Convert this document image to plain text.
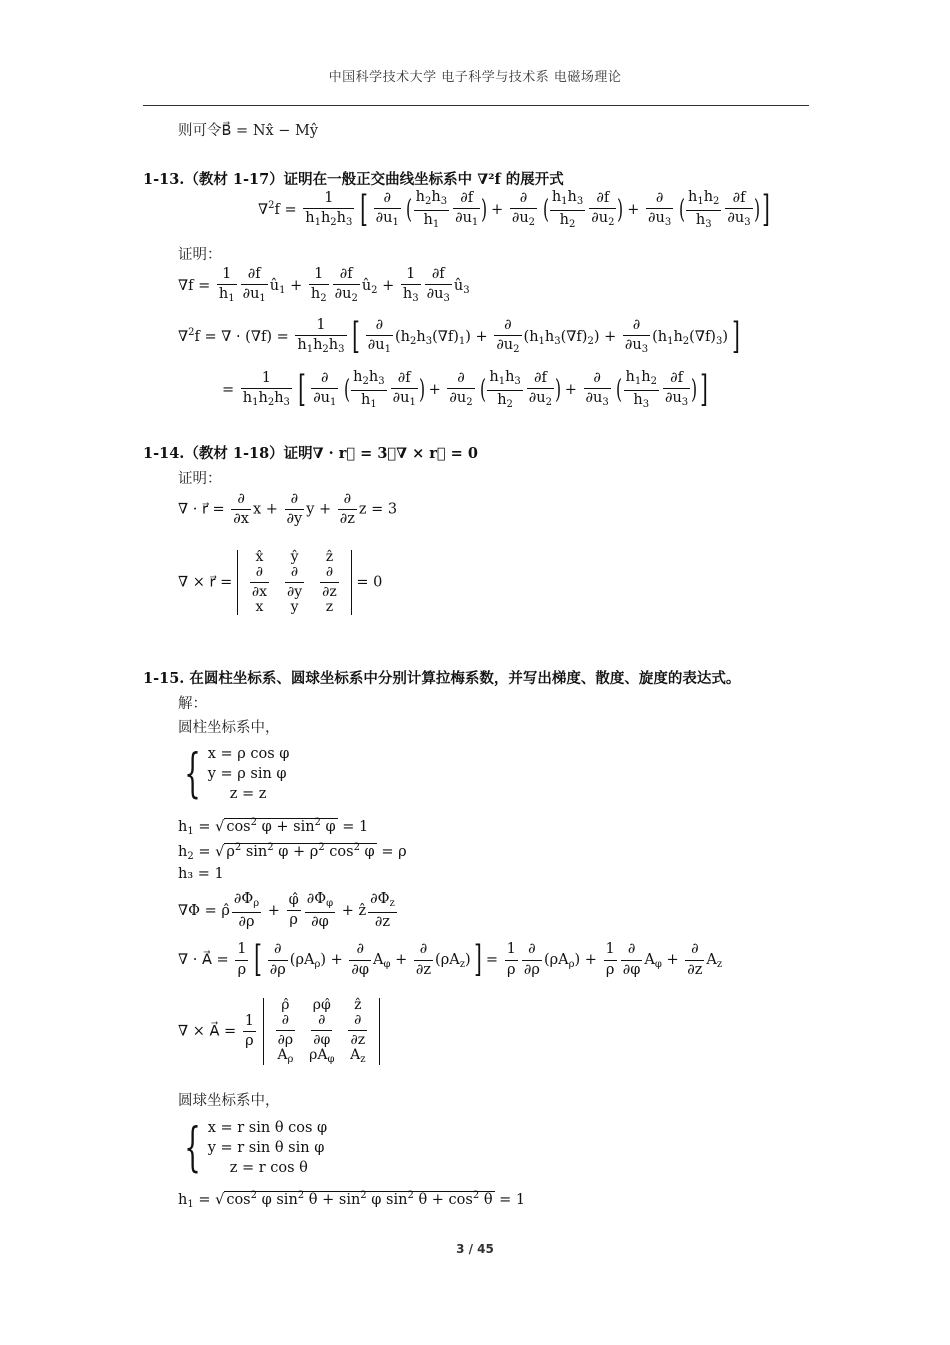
中国科学技术大学 电子科学与技术系 电磁场理论
则可令B⃗ = Nx̂ − Mŷ
1-13.（教材 1-17）证明在一般正交曲线坐标系中 ∇²f 的展开式
$\nabla^2f = \frac{1}{h_1h_2h_3}$ [ $\frac{\partial}{\partial u_1}$ ( $\frac{h_2h_3}{h_1} \frac{\partial f}{\partial u_1}$ ) + $\frac{\partial}{\partial u_2}$ ( $\frac{h_1h_3}{h_2} \frac{\partial f}{\partial u_2}$ ) + $\frac{\partial}{\partial u_3}$ ( $\frac{h_1h_2}{h_3} \frac{\partial f}{\partial u_3}$ ) ]
证明：
$\nabla f = \frac{1}{h_1} \frac{\partial f}{\partial u_1}$ $û_1 + \frac{1}{h_2} \frac{\partial f}{\partial u_2}$ $û_2 + \frac{1}{h_3} \frac{\partial f}{\partial u_3}$ $û_3$
∇$^2$f = ∇ · $(\nabla f) = \frac{1}{h_1h_2h_3}$ [ $\frac{\partial}{\partial u_1} (h_2h_3(\nabla f)_1) + \frac{\partial}{\partial u_2} (h_1h_3(\nabla f)_2) + \frac{\partial}{\partial u_3} (h_1h_2(\nabla f)_3)$ ]
= $\frac{1}{h_1h_2h_3}$ [ $\frac{\partial}{\partial u_1}$ ( $\frac{h_2h_3}{h_1} \frac{\partial f}{\partial u_1}$ ) + $\frac{\partial}{\partial u_2}$ ( $\frac{h_1h_3}{h_2} \frac{\partial f}{\partial u_2}$ ) + $\frac{\partial}{\partial u_3}$ ( $\frac{h_1h_2}{h_3} \frac{\partial f}{\partial u_3}$ ) ]
1-14.（教材 1-18）证明∇ · r⃗ = 3，∇ × r⃗ = 0
证明：
∇ · r⃗ = $\frac{\partial}{\partial x}$ $x + \frac{\partial}{\partial y}$ $y + \frac{\partial}{\partial z}$ z = 3
∇ × r⃗ =
x̂	ŷ	ẑ

$\frac{\partial}{\partial x}$	$\frac{\partial}{\partial y}$	$\frac{\partial}{\partial z}$

x	y	z
= 0
1-15. 在圆柱坐标系、圆球坐标系中分别计算拉梅系数，并写出梯度、散度、旋度的表达式。
解：
圆柱坐标系中，
{ x = ρ cos φ
y = ρ sin φ
z = z
$h_1$ = √ $\cos^2 \varphi + \sin^2 \varphi = 1$
$h_2$ = √ $\rho^2$ $\sin^2 \varphi + \rho^2$ $\cos^2 \varphi = \rho$
h₃ = 1
∇Φ = ρ̂ $\frac{\partial\Phi_\rho}{\partial\rho} + \frac{\varphî}{\rho} \frac{\partial\Phi_\varphi}{\partial\varphi}$ + ẑ $\frac{\partial\Phi_z}{\partial z}$
∇ · A⃗ = $\frac{1}{\rho}$ [ $\frac{\partial}{\partial\rho} (\rho A_\rho) + \frac{\partial}{\partial\varphi} A_\varphi + \frac{\partial}{\partial z} (\rho A_z)$ ] = $\frac{1}{\rho} \frac{\partial}{\partial\rho} (\rho A_\rho) + \frac{1}{\rho} \frac{\partial}{\partial\varphi} A_\varphi + \frac{\partial}{\partial z} A_z$
∇ × A⃗ = $\frac{1}{\rho}$

ρ̂	ρφ̂	ẑ

$\frac{\partial}{\partial\rho}$	$\frac{\partial}{\partial\varphi}$	$\frac{\partial}{\partial z}$

$A_\rho$	$\rho A_\varphi$	$A_z$
圆球坐标系中，
{ x = r sin θ cos φ
y = r sin θ sin φ
z = r cos θ
$h_1$ = √ $\cos^2 \varphi$ $\sin^2 \theta + \sin^2 \varphi$ $\sin^2 \theta + \cos^2 \theta = 1$
3 / 45
